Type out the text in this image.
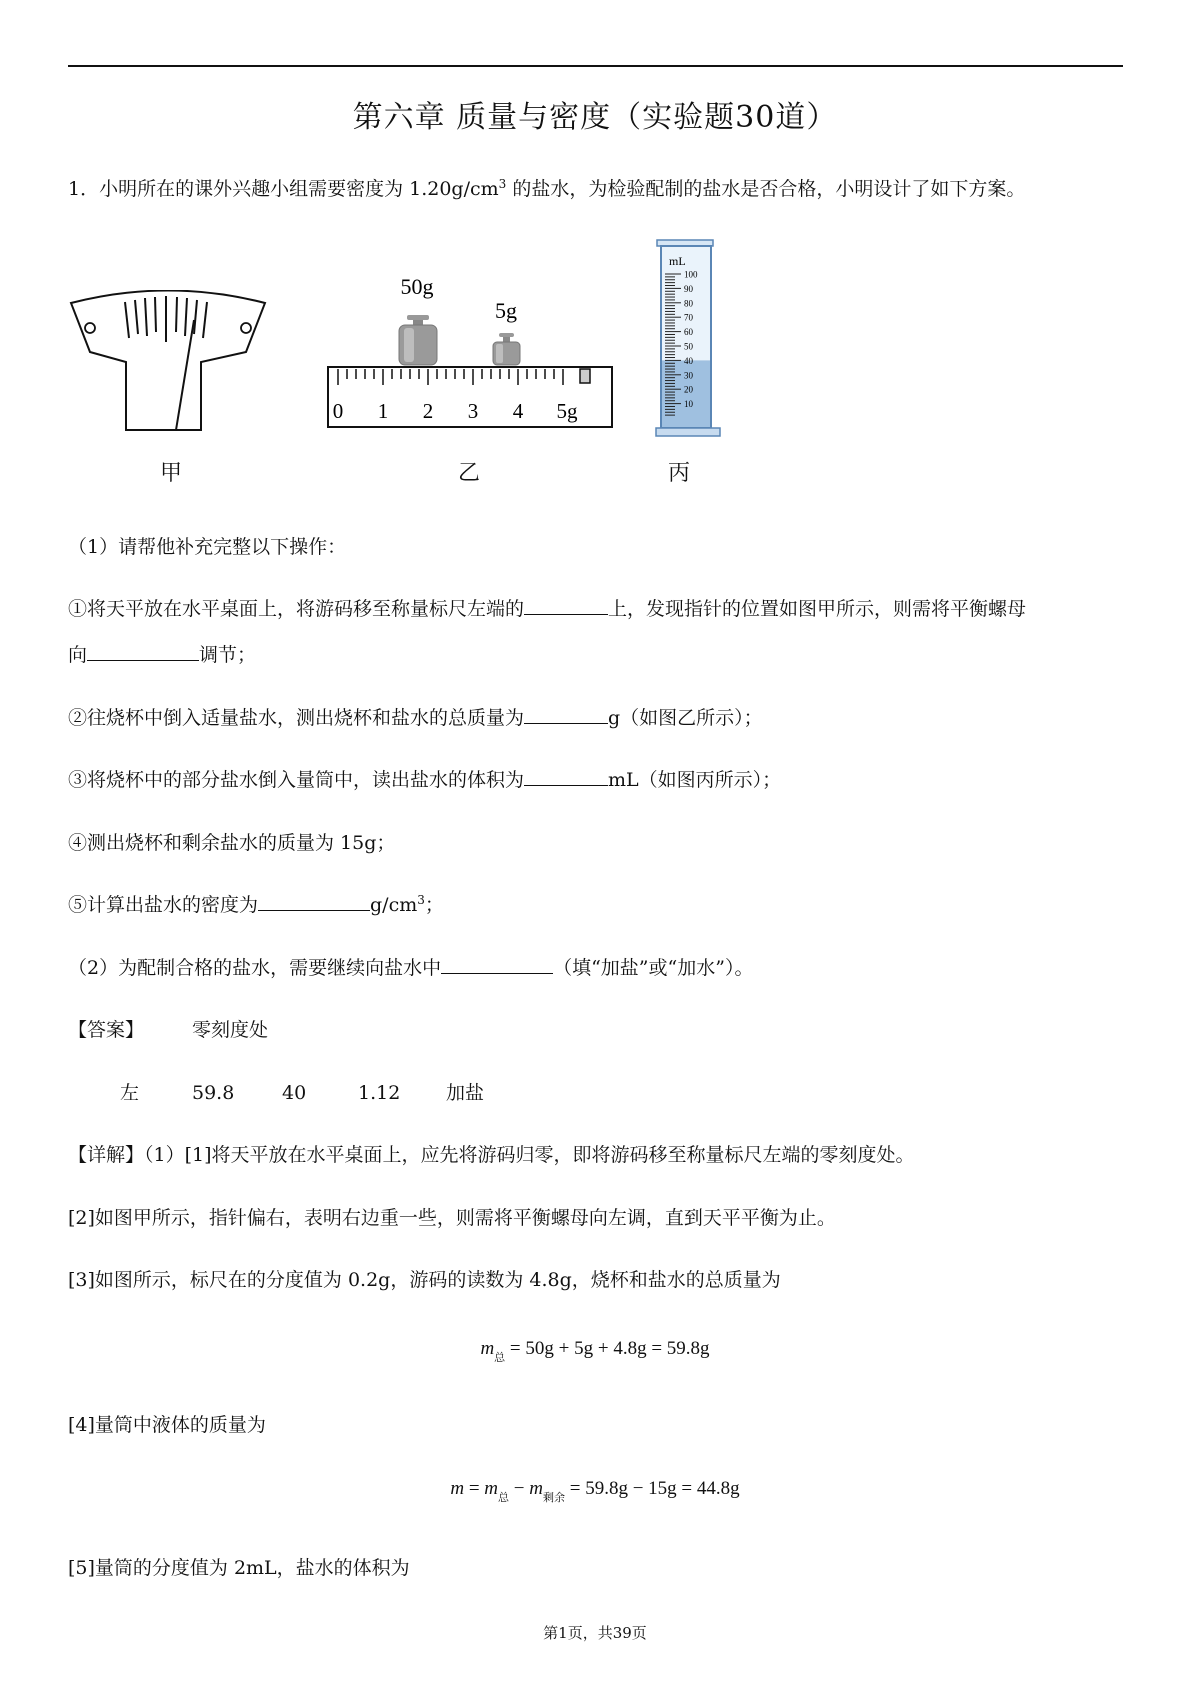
第六章 质量与密度（实验题30道）
1．小明所在的课外兴趣小组需要密度为 $1.20g/cm^3$ 的盐水，为检验配制的盐水是否合格，小明设计了如下方案。
甲
50g
5g
0 1 2 3 4 5g
乙
mL
100
90
80
70
60
50
40
30
20
10
丙
（1）请帮他补充完整以下操作：
①将天平放在水平桌面上，将游码移至称量标尺左端的	上，发现指针的位置如图甲所示，则需将平衡螺母
向	调节；
②往烧杯中倒入适量盐水，测出烧杯和盐水的总质量为	g（如图乙所示）；
③将烧杯中的部分盐水倒入量筒中，读出盐水的体积为	mL（如图丙所示）；
④测出烧杯和剩余盐水的质量为 15g；
⑤计算出盐水的密度为	$g/cm^3$；
（2）为配制合格的盐水，需要继续向盐水中	（填“加盐”或“加水”）。
【答案】	零刻度处
左	59.8	40	1.12 加盐
【详解】（1）[1]将天平放在水平桌面上，应先将游码归零，即将游码移至称量标尺左端的零刻度处。
[2]如图甲所示，指针偏右，表明右边重一些，则需将平衡螺母向左调，直到天平平衡为止。
[3]如图所示，标尺在的分度值为 0.2g，游码的读数为 4.8g，烧杯和盐水的总质量为
$m_总 = 50g + 5g + 4.8g = 59.8g$
[4]量筒中液体的质量为
$m = m_总 - m_{剩余} = 59.8g - 15g = 44.8g$
[5]量筒的分度值为 2mL，盐水的体积为
第1页，共39页
